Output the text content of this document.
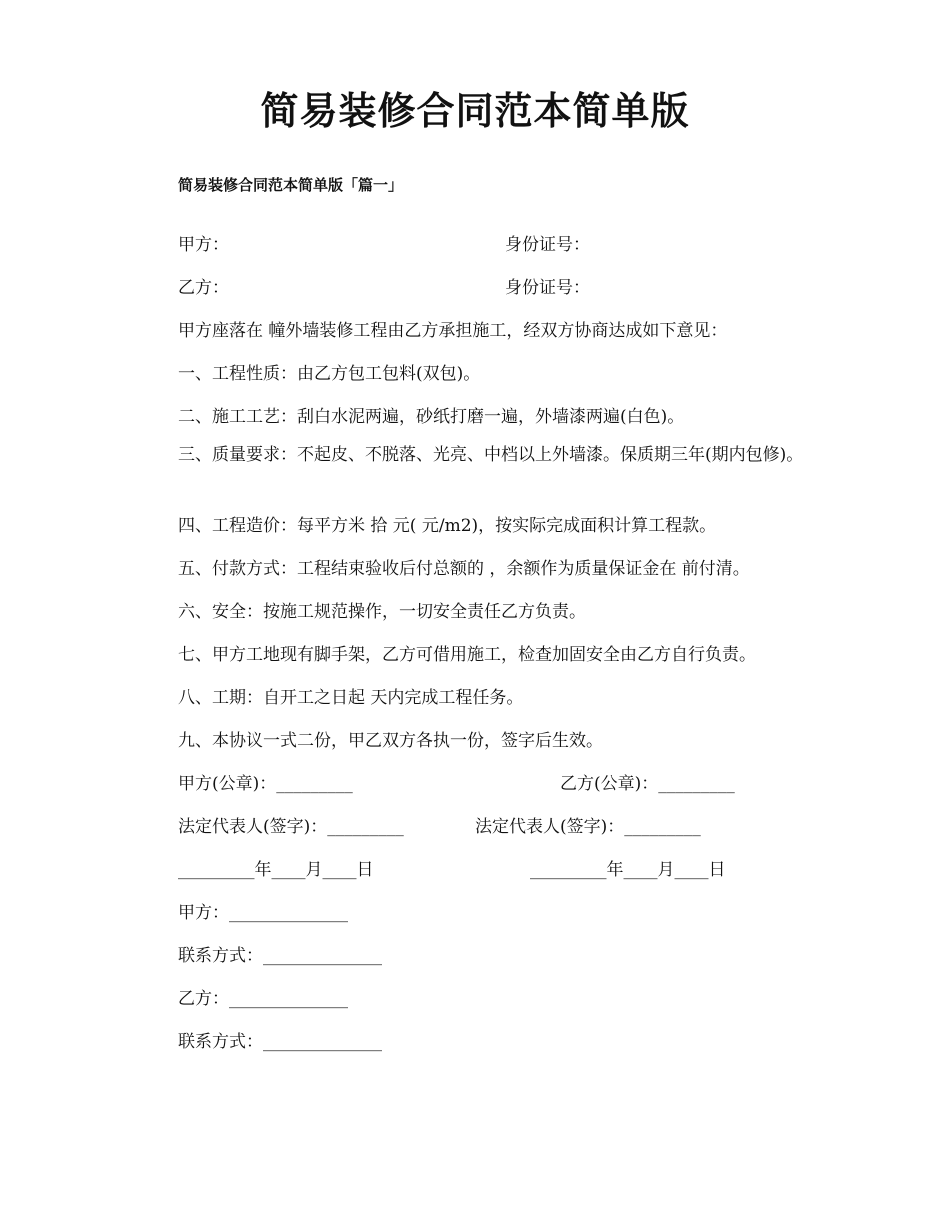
简易装修合同范本简单版
简易装修合同范本简单版「篇一」
甲方：	身份证号：
乙方：	身份证号：
甲方座落在 幢外墙装修工程由乙方承担施工，经双方协商达成如下意见：
一、工程性质：由乙方包工包料(双包)。
二、施工工艺：刮白水泥两遍，砂纸打磨一遍，外墙漆两遍(白色)。
三、质量要求：不起皮、不脱落、光亮、中档以上外墙漆。保质期三年(期内包修)。
四、工程造价：每平方米 拾 元( 元/m2)，按实际完成面积计算工程款。
五、付款方式：工程结束验收后付总额的 ，余额作为质量保证金在 前付清。
六、安全：按施工规范操作，一切安全责任乙方负责。
七、甲方工地现有脚手架，乙方可借用施工，检查加固安全由乙方自行负责。
八、工期：自开工之日起 天内完成工程任务。
九、本协议一式二份，甲乙双方各执一份，签字后生效。
甲方(公章)：_________	乙方(公章)：_________
法定代表人(签字)：_________	法定代表人(签字)：_________
_________年____月____日	_________年____月____日
甲方：______________
联系方式：______________
乙方：______________
联系方式：______________
